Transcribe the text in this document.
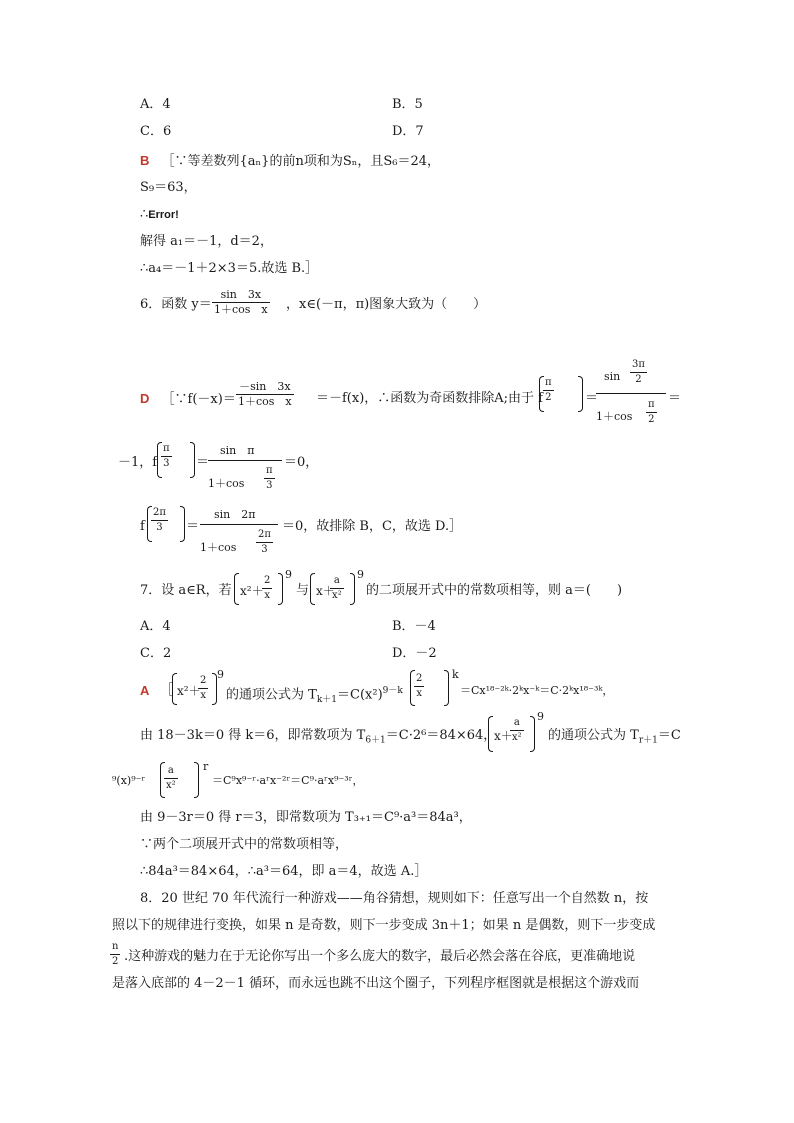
A．4	B．5
C．6	D．7
B ［∵等差数列{aₙ}的前n项和为Sₙ，且S₆＝24，
S₉＝63，
∴Error!
解得 a₁＝－1，d＝2，
∴a₄＝－1＋2×3＝5.故选 B.］
6．函数 $y= \frac{\sin 3x}{\text{1＋cos　x}}$ ，x∈(－π，π)图象大致为（　　）
D ［∵f(－x)＝ $\frac{-\sin 3x}{\text{1＋cos　x}} =-f(x)$，∴函数为奇函数排除A;由于 f $\frac{\pi}{2}$ ＝
$\sin \frac{3\pi}{2}$
$1+\cos \frac{\pi}{2}$ ＝
－1，f $\frac{\pi}{3}$ ＝
sin　π
$1+\cos \frac{\pi}{3}$
＝0，
f $\frac{2\pi}{3}$ ＝
sin　2π
$1+\cos \frac{2\pi}{3}$
＝0，故排除 B，C，故选 D.］
7．设 a∈R，若 x²＋
$\frac{2}{x} 9$
与 x＋
$\frac{a}{\text{x²}} 9$
的二项展开式中的常数项相等，则 a＝(　　)
A．4	B．－4
C．2	D．－2
A ［ x²＋
$\frac{2}{x} 9$
的通项公式为 $T_{k+1}=C(x^2)^{9-k} \frac{2}{x}$	k
＝Cx¹⁸⁻²ᵏ·2ᵏx⁻ᵏ＝C·2ᵏx¹⁸⁻³ᵏ，
由 18－3k＝0 得 k＝6，即常数项为 $T_{6+1}=C\cdot 2^6=84\times 64$，
x＋
$\frac{a}{\text{x²}} 9$
的通项公式为 $T_{r+1}=C$
⁹(x)⁹⁻ʳ $\frac{a}{\text{x²}}$ r
＝C⁹x⁹⁻ʳ·aʳx⁻²ʳ＝C⁹·aʳx⁹⁻³ʳ，
由 9－3r＝0 得 r＝3，即常数项为 T₃₊₁＝C⁹·a³＝84a³，
∵两个二项展开式中的常数项相等，
∴84a³＝84×64，∴a³＝64，即 a＝4，故选 A.］
8．20 世纪 70 年代流行一种游戏——角谷猜想，规则如下：任意写出一个自然数 n，按
照以下的规律进行变换，如果 n 是奇数，则下一步变成 3n＋1；如果 n 是偶数，则下一步变成
$\frac{n}{2}$ .这种游戏的魅力在于无论你写出一个多么庞大的数字，最后必然会落在谷底，更准确地说
是落入底部的 4－2－1 循环，而永远也跳不出这个圈子，下列程序框图就是根据这个游戏而
